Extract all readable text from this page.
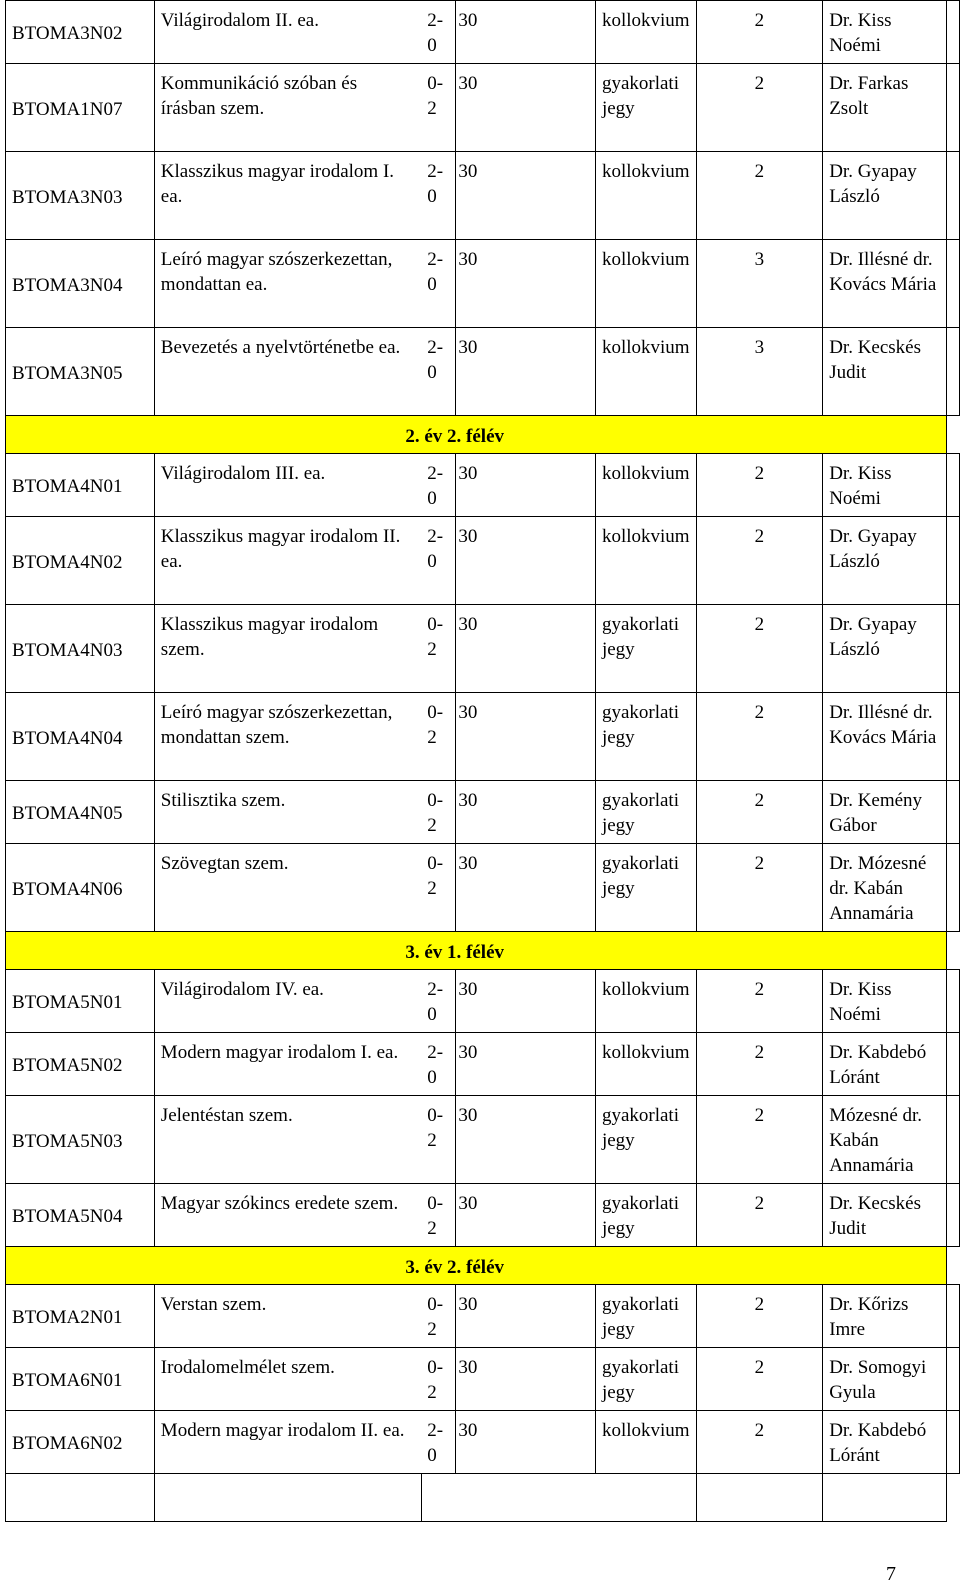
BTOMA3N02	Világirodalom II. ea.		2-0	30	kollokvium	2	Dr. Kiss Noémi	
BTOMA1N07	Kommunikáció szóban és írásban szem.		0-2	30	gyakorlati jegy	2	Dr. Farkas Zsolt	
BTOMA3N03	Klasszikus magyar irodalom I. ea.		2-0	30	kollokvium	2	Dr. Gyapay László	
BTOMA3N04	Leíró magyar szószerkezettan, mondattan ea.		2-0	30	kollokvium	3	Dr. Illésné dr. Kovács Mária	
BTOMA3N05	Bevezetés a nyelvtörténetbe ea.		2-0	30	kollokvium	3	Dr. Kecskés Judit	
		2. év 2. félév						
BTOMA4N01	Világirodalom III. ea.		2-0	30	kollokvium	2	Dr. Kiss Noémi	
BTOMA4N02	Klasszikus magyar irodalom II. ea.		2-0	30	kollokvium	2	Dr. Gyapay László	
BTOMA4N03	Klasszikus magyar irodalom szem.		0-2	30	gyakorlati jegy	2	Dr. Gyapay László	
BTOMA4N04	Leíró magyar szószerkezettan, mondattan szem.		0-2	30	gyakorlati jegy	2	Dr. Illésné dr. Kovács Mária	
BTOMA4N05	Stilisztika szem.		0-2	30	gyakorlati jegy	2	Dr. Kemény Gábor	
BTOMA4N06	Szövegtan szem.		0-2	30	gyakorlati jegy	2	Dr. Mózesné dr. Kabán Annamária	
		3. év 1. félév						
BTOMA5N01	Világirodalom IV. ea.		2-0	30	kollokvium	2	Dr. Kiss Noémi	
BTOMA5N02	Modern magyar irodalom I. ea.		2-0	30	kollokvium	2	Dr. Kabdebó Lóránt	
BTOMA5N03	Jelentéstan szem.		0-2	30	gyakorlati jegy	2	Mózesné dr. Kabán Annamária	
BTOMA5N04	Magyar szókincs eredete szem.		0-2	30	gyakorlati jegy	2	Dr. Kecskés Judit	
		3. év 2. félév						
BTOMA2N01	Verstan szem.		0-2	30	gyakorlati jegy	2	Dr. Kőrizs Imre	
BTOMA6N01	Irodalomelmélet szem.		0-2	30	gyakorlati jegy	2	Dr. Somogyi Gyula	
BTOMA6N02	Modern magyar irodalom II. ea.		2-0	30	kollokvium	2	Dr. Kabdebó Lóránt	

7
